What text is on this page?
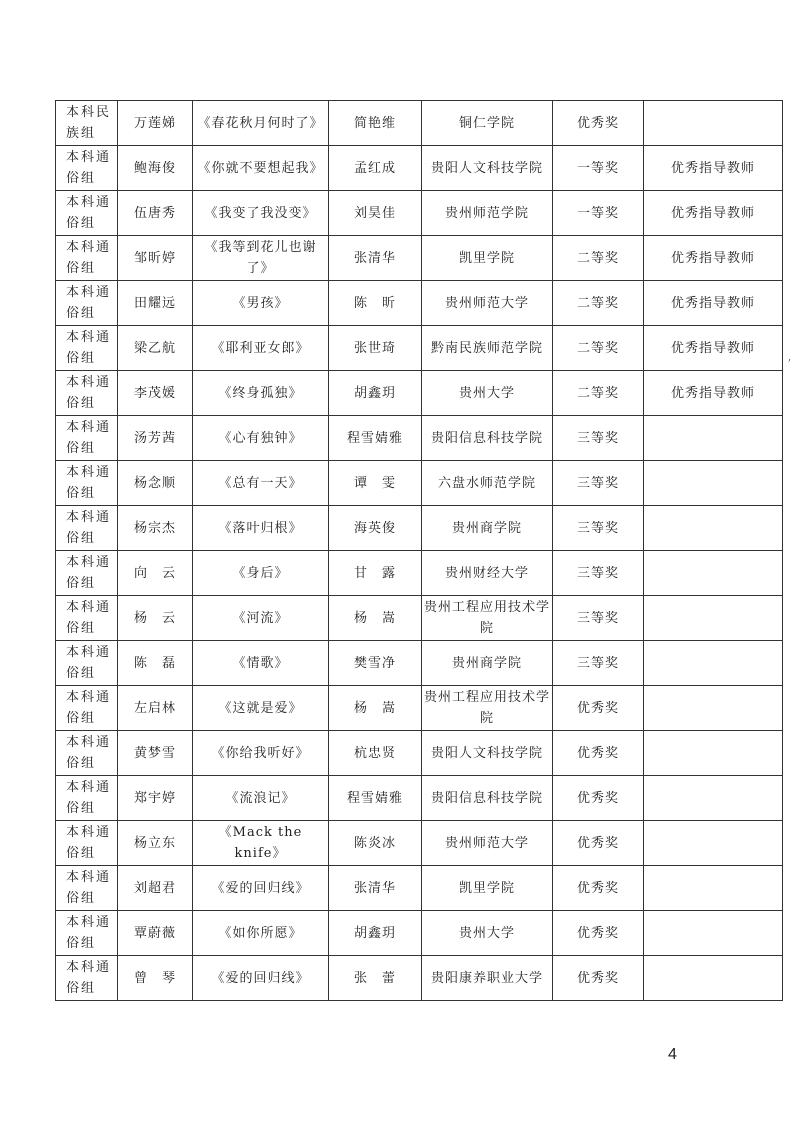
本科民族组	万莲娣	《春花秋月何时了》	简艳维	铜仁学院	优秀奖	
本科通俗组	鲍海俊	《你就不要想起我》	孟红成	贵阳人文科技学院	一等奖	优秀指导教师
本科通俗组	伍唐秀	《我变了我没变》	刘昊佳	贵州师范学院	一等奖	优秀指导教师
本科通俗组	邹昕婷	《我等到花儿也谢了》	张清华	凯里学院	二等奖	优秀指导教师
本科通俗组	田耀远	《男孩》	陈　昕	贵州师范大学	二等奖	优秀指导教师
本科通俗组	梁乙航	《耶利亚女郎》	张世琦	黔南民族师范学院	二等奖	优秀指导教师
本科通俗组	李茂媛	《终身孤独》	胡鑫玥	贵州大学	二等奖	优秀指导教师
本科通俗组	汤芳茜	《心有独钟》	程雪婧雅	贵阳信息科技学院	三等奖	
本科通俗组	杨念顺	《总有一天》	谭　雯	六盘水师范学院	三等奖	
本科通俗组	杨宗杰	《落叶归根》	海英俊	贵州商学院	三等奖	
本科通俗组	向　云	《身后》	甘　露	贵州财经大学	三等奖	
本科通俗组	杨　云	《河流》	杨　嵩	贵州工程应用技术学院	三等奖	
本科通俗组	陈　磊	《情歌》	樊雪净	贵州商学院	三等奖	
本科通俗组	左启林	《这就是爱》	杨　嵩	贵州工程应用技术学院	优秀奖	
本科通俗组	黄梦雪	《你给我听好》	杭忠贤	贵阳人文科技学院	优秀奖	
本科通俗组	郑宇婷	《流浪记》	程雪婧雅	贵阳信息科技学院	优秀奖	
本科通俗组	杨立东	《Mack the knife》	陈炎冰	贵州师范大学	优秀奖	
本科通俗组	刘超君	《爱的回归线》	张清华	凯里学院	优秀奖	
本科通俗组	覃蔚薇	《如你所愿》	胡鑫玥	贵州大学	优秀奖	
本科通俗组	曾　琴	《爱的回归线》	张　蕾	贵阳康养职业大学	优秀奖	
4
,
